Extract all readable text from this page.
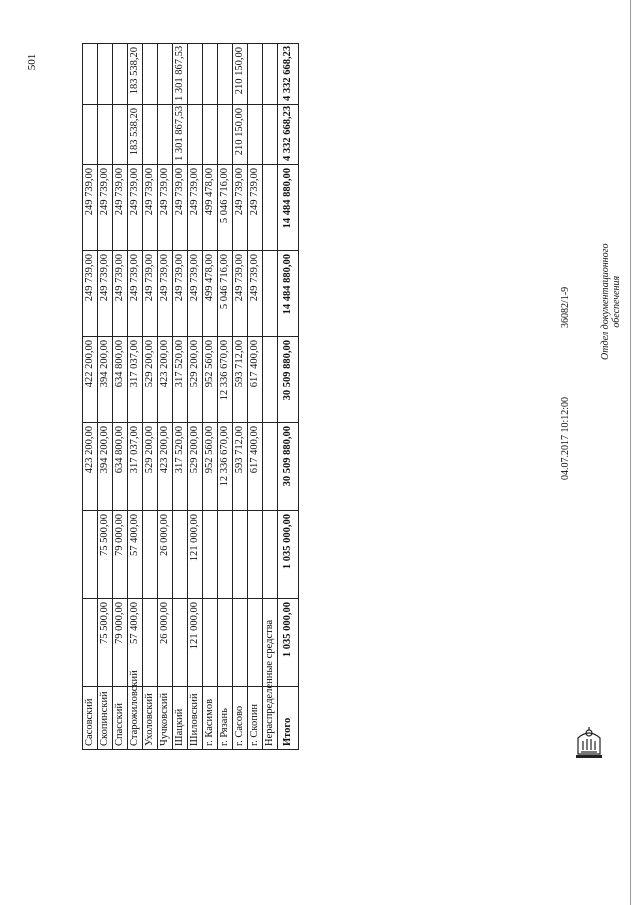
501
Сасовский			423 200,00	422 200,00	249 739,00	249 739,00		
Скопинский	75 500,00	75 500,00	394 200,00	394 200,00	249 739,00	249 739,00		
Спасский	79 000,00	79 000,00	634 800,00	634 800,00	249 739,00	249 739,00		
Старожиловский	57 400,00	57 400,00	317 037,00	317 037,00	249 739,00	249 739,00	183 538,20	183 538,20
Ухоловский			529 200,00	529 200,00	249 739,00	249 739,00		
Чучковский	26 000,00	26 000,00	423 200,00	423 200,00	249 739,00	249 739,00		
Шацкий			317 520,00	317 520,00	249 739,00	249 739,00	1 301 867,53	1 301 867,53
Шиловский	121 000,00	121 000,00	529 200,00	529 200,00	249 739,00	249 739,00		
г. Касимов			952 560,00	952 560,00	499 478,00	499 478,00		
г. Рязань			12 336 670,00	12 336 670,00	5 046 716,00	5 046 716,00		
г. Сасово			593 712,00	593 712,00	249 739,00	249 739,00	210 150,00	210 150,00
г. Скопин			617 400,00	617 400,00	249 739,00	249 739,00		
Нераспределенные средства								
Итого	1 035 000,00	1 035 000,00	30 509 880,00	30 509 880,00	14 484 880,00	14 484 880,00	4 332 668,23	4 332 668,23
04.07.2017 10:12:00  36082/1-9	Отдел документационного обеспечения
